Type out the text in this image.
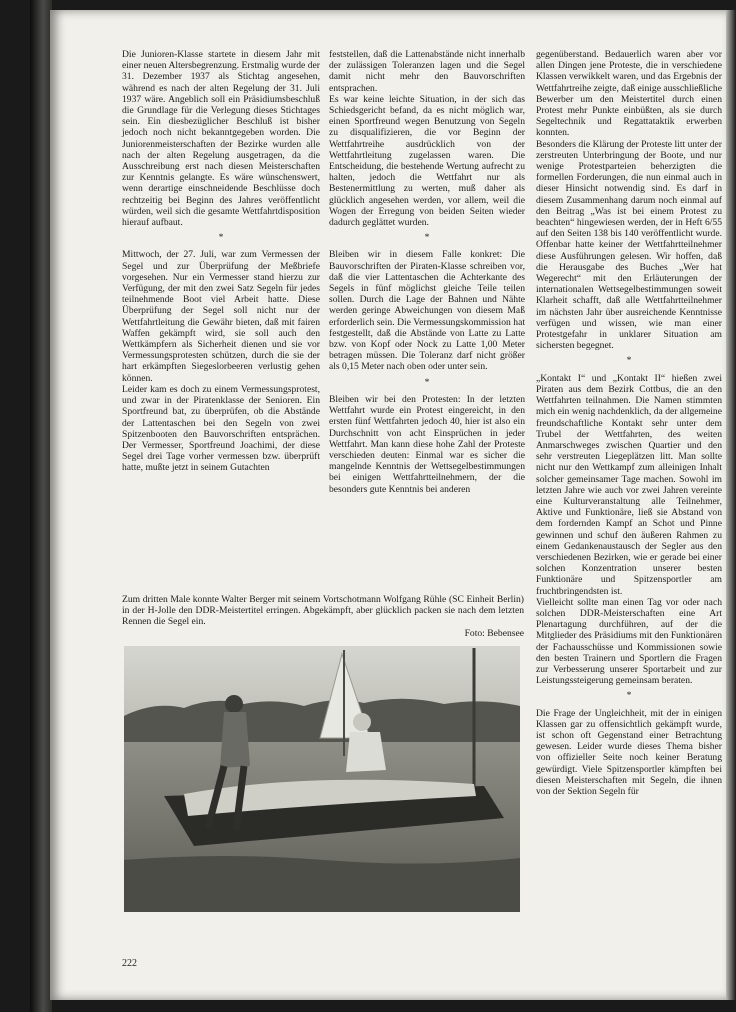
Die Junioren-Klasse startete in diesem Jahr mit einer neuen Altersbegrenzung. Erstmalig wurde der 31. Dezember 1937 als Stichtag angesehen, während es nach der alten Regelung der 31. Juli 1937 wäre. Angeblich soll ein Präsidiumsbeschluß die Grundlage für die Verlegung dieses Stichtages sein. Ein diesbezüglicher Beschluß ist bisher jedoch noch nicht bekanntgegeben worden. Die Juniorenmeisterschaften der Bezirke wurden alle nach der alten Regelung ausgetragen, da die Ausschreibung erst nach diesen Meisterschaften zur Kenntnis gelangte. Es wäre wünschenswert, wenn derartige einschneidende Beschlüsse doch rechtzeitig bei Beginn des Jahres veröffentlicht würden, weil sich die gesamte Wettfahrtdisposition hierauf aufbaut.

*

Mittwoch, der 27. Juli, war zum Vermessen der Segel und zur Überprüfung der Meßbriefe vorgesehen. Nur ein Vermesser stand hierzu zur Verfügung, der mit den zwei Satz Segeln für jedes teilnehmende Boot viel Arbeit hatte. Diese Überprüfung der Segel soll nicht nur der Wettfahrtleitung die Gewähr bieten, daß mit fairen Waffen gekämpft wird, sie soll auch den Wettkämpfern als Sicherheit dienen und sie vor Vermessungsprotesten schützen, durch die sie der hart erkämpften Siegeslorbeeren verlustig gehen können.

Leider kam es doch zu einem Vermessungsprotest, und zwar in der Piratenklasse der Senioren. Ein Sportfreund bat, zu überprüfen, ob die Abstände der Lattentaschen bei den Segeln von zwei Spitzenbooten den Bauvorschriften entsprächen. Der Vermesser, Sportfreund Joachimi, der diese Segel drei Tage vorher vermessen bzw. überprüft hatte, mußte jetzt in seinem Gutachten

feststellen, daß die Lattenabstände nicht innerhalb der zulässigen Toleranzen lagen und die Segel damit nicht mehr den Bauvorschriften entsprachen.

Es war keine leichte Situation, in der sich das Schiedsgericht befand, da es nicht möglich war, einen Sportfreund wegen Benutzung von Segeln zu disqualifizieren, die vor Beginn der Wettfahrtreihe ausdrücklich von der Wettfahrtleitung zugelassen waren. Die Entscheidung, die bestehende Wertung aufrecht zu halten, jedoch die Wettfahrt nur als Bestenermittlung zu werten, muß daher als glücklich angesehen werden, vor allem, weil die Wogen der Erregung von beiden Seiten wieder dadurch geglättet wurden.

*

Bleiben wir in diesem Falle konkret: Die Bauvorschriften der Piraten-Klasse schreiben vor, daß die vier Lattentaschen die Achterkante des Segels in fünf möglichst gleiche Teile teilen sollen. Durch die Lage der Bahnen und Nähte werden geringe Abweichungen von diesem Maß erforderlich sein. Die Vermessungskommission hat festgestellt, daß die Abstände von Latte zu Latte bzw. von Kopf oder Nock zu Latte 1,00 Meter betragen müssen. Die Toleranz darf nicht größer als 0,15 Meter nach oben oder unter sein.

*

Bleiben wir bei den Protesten: In der letzten Wettfahrt wurde ein Protest eingereicht, in den ersten fünf Wettfahrten jedoch 40, hier ist also ein Durchschnitt von acht Einsprüchen in jeder Wettfahrt. Man kann diese hohe Zahl der Proteste verschieden deuten: Einmal war es sicher die mangelnde Kenntnis der Wettsegelbestimmungen bei einigen Wettfahrtteilnehmern, der die besonders gute Kenntnis bei anderen

gegenüberstand. Bedauerlich waren aber vor allen Dingen jene Proteste, die in verschiedene Klassen verwikkelt waren, und das Ergebnis der Wettfahrtreihe zeigte, daß einige ausschließliche Bewerber um den Meistertitel durch einen Protest mehr Punkte einbüßten, als sie durch Segeltechnik und Regattataktik erwerben konnten.

Besonders die Klärung der Proteste litt unter der zerstreuten Unterbringung der Boote, und nur wenige Protestparteien beherzigten die formellen Forderungen, die nun einmal auch in dieser Hinsicht notwendig sind. Es darf in diesem Zusammenhang darum noch einmal auf den Beitrag „Was ist bei einem Protest zu beachten“ hingewiesen werden, der in Heft 6/55 auf den Seiten 138 bis 140 veröffentlicht wurde. Offenbar hatte keiner der Wettfahrtteilnehmer diese Ausführungen gelesen. Wir hoffen, daß die Herausgabe des Buches „Wer hat Wegerecht“ mit den Erläuterungen der internationalen Wettsegelbestimmungen soweit Klarheit schafft, daß alle Wettfahrtteilnehmer im nächsten Jahr über ausreichende Kenntnisse verfügen und wissen, wie man einer Protestgefahr in unklarer Situation am sichersten begegnet.

*

„Kontakt I“ und „Kontakt II“ hießen zwei Piraten aus dem Bezirk Cottbus, die an den Wettfahrten teilnahmen. Die Namen stimmten mich ein wenig nachdenklich, da der allgemeine freundschaftliche Kontakt sehr unter dem Trubel der Wettfahrten, des weiten Anmarschweges zwischen Quartier und den sehr verstreuten Liegeplätzen litt. Man sollte nicht nur den Wettkampf zum alleinigen Inhalt solcher gemeinsamer Tage machen. Sowohl im letzten Jahre wie auch vor zwei Jahren vereinte eine Kulturveranstaltung alle Teilnehmer, Aktive und Funktionäre, ließ sie Abstand von dem fordernden Kampf an Schot und Pinne gewinnen und schuf den äußeren Rahmen zu einem Gedankenaustausch der Segler aus den verschiedenen Bezirken, wie er gerade bei einer solchen Konzentration unserer besten Funktionäre und Spitzensportler am fruchtbringendsten ist.

Vielleicht sollte man einen Tag vor oder nach solchen DDR-Meisterschaften eine Art Plenartagung durchführen, auf der die Mitglieder des Präsidiums mit den Funktionären der Fachausschüsse und Kommissionen sowie den besten Trainern und Sportlern die Fragen zur Verbesserung unserer Sportarbeit und zur Leistungssteigerung gemeinsam beraten.

*

Die Frage der Ungleichheit, mit der in einigen Klassen gar zu offensichtlich gekämpft wurde, ist schon oft Gegenstand einer Betrachtung gewesen. Leider wurde dieses Thema bisher von offizieller Seite noch keiner Beratung gewürdigt. Viele Spitzensportler kämpften bei diesen Meisterschaften mit Segeln, die ihnen von der Sektion Segeln für

Zum dritten Male konnte Walter Berger mit seinem Vortschotmann Wolfgang Rühle (SC Einheit Berlin) in der H-Jolle den DDR-Meistertitel erringen. Abgekämpft, aber glücklich packen sie nach dem letzten Rennen die Segel ein.

Foto: Bebensee

222
